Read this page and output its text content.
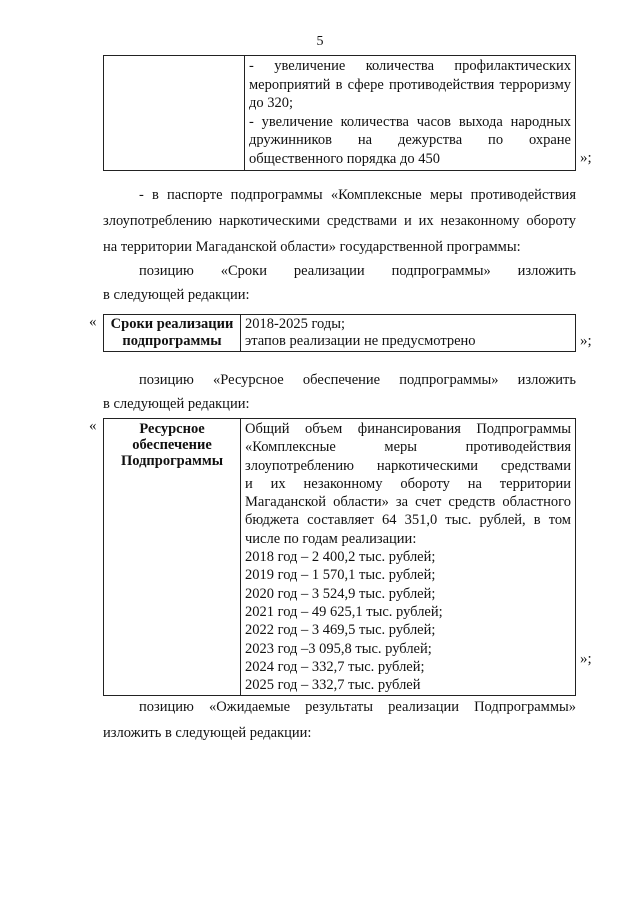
5

- увеличение количества профилактических
мероприятий в сфере противодействия терроризму
до 320;
- увеличение количества часов выхода народных
дружинников на дежурства по охране
общественного порядка до 450	»;
- в паспорте подпрограммы «Комплексные меры противодействия
злоупотреблению наркотическими средствами и их незаконному обороту
на территории Магаданской области» государственной программы:
позицию «Сроки реализации подпрограммы» изложить
в следующей редакции:
« Сроки реализации подпрограммы

2018-2025 годы;
этапов реализации не предусмотрено	»;
позицию «Ресурсное обеспечение подпрограммы» изложить
в следующей редакции:
«	Ресурсное обеспечение Подпрограммы

Общий объем финансирования Подпрограммы
«Комплексные меры противодействия
злоупотреблению наркотическими средствами
и их незаконному обороту на территории
Магаданской области» за счет средств областного
бюджета составляет 64 351,0 тыс. рублей, в том
числе по годам реализации:
2018 год – 2 400,2 тыс. рублей;
2019 год – 1 570,1 тыс. рублей;
2020 год – 3 524,9 тыс. рублей;
2021 год – 49 625,1 тыс. рублей;
2022 год – 3 469,5 тыс. рублей;
2023 год –3 095,8 тыс. рублей;
2024 год – 332,7 тыс. рублей;
2025 год – 332,7 тыс. рублей
»;
позицию «Ожидаемые результаты реализации Подпрограммы»
изложить в следующей редакции:
